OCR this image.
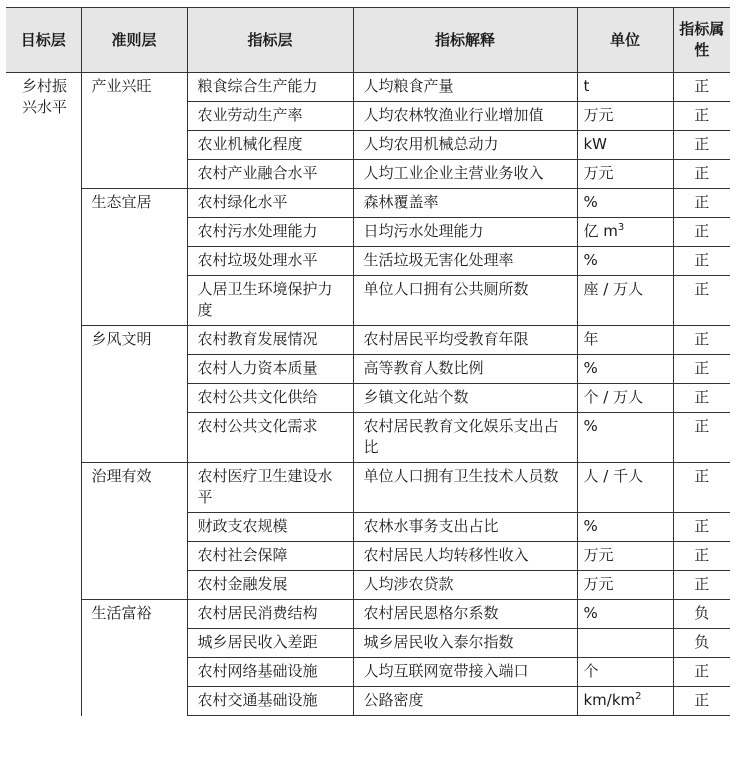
目标层	准则层	指标层	指标解释	单位	指标属性
乡村振兴水平	产业兴旺	粮食综合生产能力	人均粮食产量	t	正
		农业劳动生产率	人均农林牧渔业行业增加值	万元	正
		农业机械化程度	人均农用机械总动力	kW	正
		农村产业融合水平	人均工业企业主营业务收入	万元	正
	生态宜居	农村绿化水平	森林覆盖率	%	正
		农村污水处理能力	日均污水处理能力	亿 $m^3$	正
		农村垃圾处理水平	生活垃圾无害化处理率	%	正
		人居卫生环境保护力度	单位人口拥有公共厕所数	座 / 万人	正
	乡风文明	农村教育发展情况	农村居民平均受教育年限	年	正
		农村人力资本质量	高等教育人数比例	%	正
		农村公共文化供给	乡镇文化站个数	个 / 万人	正
		农村公共文化需求	农村居民教育文化娱乐支出占比	%	正
	治理有效	农村医疗卫生建设水平	单位人口拥有卫生技术人员数	人 / 千人	正
		财政支农规模	农林水事务支出占比	%	正
		农村社会保障	农村居民人均转移性收入	万元	正
		农村金融发展	人均涉农贷款	万元	正
	生活富裕	农村居民消费结构	农村居民恩格尔系数	%	负
		城乡居民收入差距	城乡居民收入泰尔指数		负
		农村网络基础设施	人均互联网宽带接入端口	个	正
		农村交通基础设施	公路密度	$km/km^2$	正
